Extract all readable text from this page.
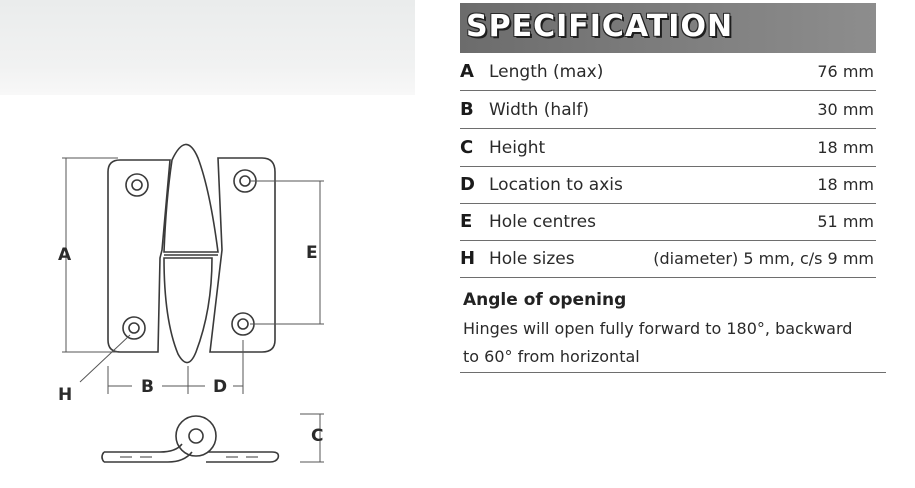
A	E
B	D
H
C
SPECIFICATION
A Length (max)	76 mm
B Width (half)	30 mm
C Height	18 mm
D Location to axis	18 mm
E Hole centres	51 mm
H Hole sizes	(diameter) 5 mm, c/s 9 mm
Angle of opening
Hinges will open fully forward to 180°, backward
to 60° from horizontal
